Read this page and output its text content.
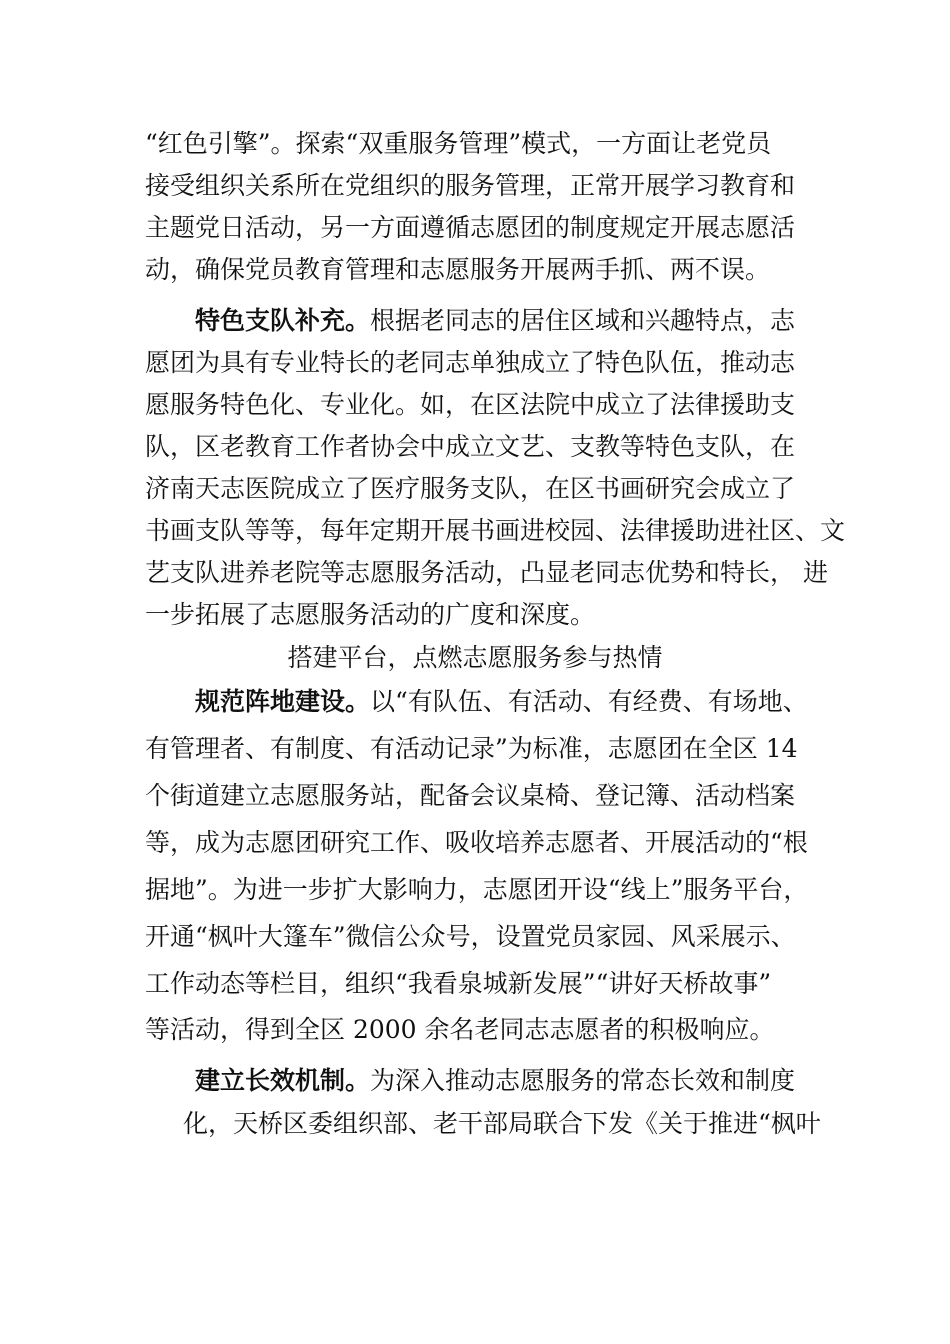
“红色引擎”。探索“双重服务管理”模式，一方面让老党员
接受组织关系所在党组织的服务管理，正常开展学习教育和
主题党日活动，另一方面遵循志愿团的制度规定开展志愿活
动，确保党员教育管理和志愿服务开展两手抓、两不误。
特色支队补充。根据老同志的居住区域和兴趣特点，志
愿团为具有专业特长的老同志单独成立了特色队伍，推动志
愿服务特色化、专业化。如，在区法院中成立了法律援助支
队，区老教育工作者协会中成立文艺、支教等特色支队，在
济南天志医院成立了医疗服务支队，在区书画研究会成立了
书画支队等等，每年定期开展书画进校园、法律援助进社区、文
艺支队进养老院等志愿服务活动，凸显老同志优势和特长， 进
一步拓展了志愿服务活动的广度和深度。
搭建平台，点燃志愿服务参与热情
规范阵地建设。以“有队伍、有活动、有经费、有场地、
有管理者、有制度、有活动记录”为标准，志愿团在全区 14
个街道建立志愿服务站，配备会议桌椅、登记簿、活动档案
等，成为志愿团研究工作、吸收培养志愿者、开展活动的“根
据地”。为进一步扩大影响力，志愿团开设“线上”服务平台，
开通“枫叶大篷车”微信公众号，设置党员家园、风采展示、
工作动态等栏目，组织“我看泉城新发展”“讲好天桥故事”
等活动，得到全区 2000 余名老同志志愿者的积极响应。
建立长效机制。为深入推动志愿服务的常态长效和制度
化，天桥区委组织部、老干部局联合下发《关于推进“枫叶
